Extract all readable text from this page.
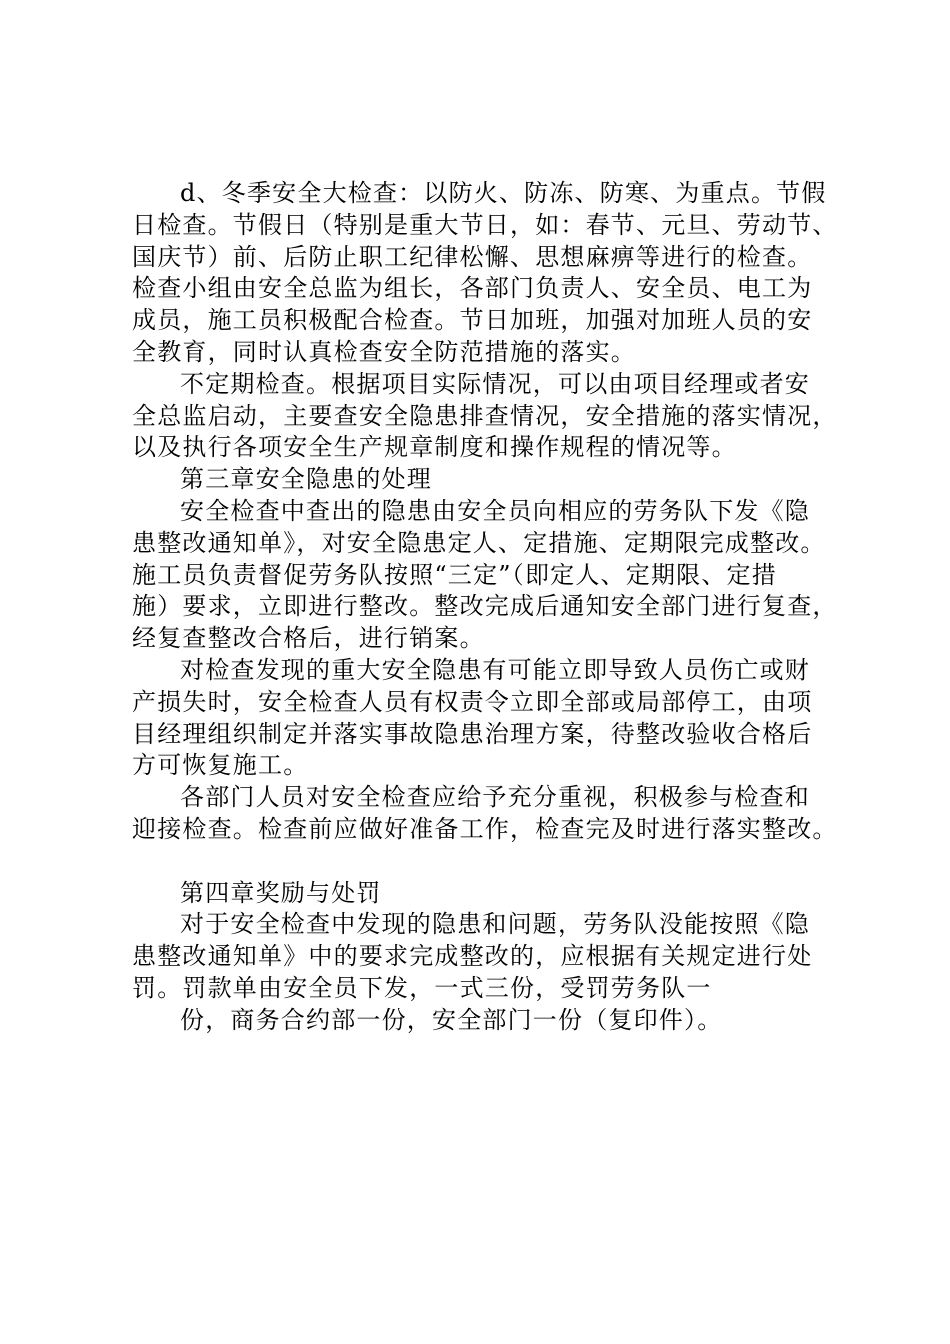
d、冬季安全大检查：以防火、防冻、防寒、为重点。节假
日检查。节假日（特别是重大节日，如：春节、元旦、劳动节、
国庆节）前、后防止职工纪律松懈、思想麻痹等进行的检查。
检查小组由安全总监为组长，各部门负责人、安全员、电工为
成员，施工员积极配合检查。节日加班，加强对加班人员的安
全教育，同时认真检查安全防范措施的落实。
不定期检查。根据项目实际情况，可以由项目经理或者安
全总监启动，主要查安全隐患排查情况，安全措施的落实情况，
以及执行各项安全生产规章制度和操作规程的情况等。
第三章安全隐患的处理
安全检查中查出的隐患由安全员向相应的劳务队下发《隐
患整改通知单》，对安全隐患定人、定措施、定期限完成整改。
施工员负责督促劳务队按照“三定”（即定人、定期限、定措
施）要求，立即进行整改。整改完成后通知安全部门进行复查，
经复查整改合格后，进行销案。
对检查发现的重大安全隐患有可能立即导致人员伤亡或财
产损失时，安全检查人员有权责令立即全部或局部停工，由项
目经理组织制定并落实事故隐患治理方案，待整改验收合格后
方可恢复施工。
各部门人员对安全检查应给予充分重视，积极参与检查和
迎接检查。检查前应做好准备工作，检查完及时进行落实整改。
第四章奖励与处罚
对于安全检查中发现的隐患和问题，劳务队没能按照《隐
患整改通知单》中的要求完成整改的，应根据有关规定进行处
罚。罚款单由安全员下发，一式三份，受罚劳务队一
份，商务合约部一份，安全部门一份（复印件）。
